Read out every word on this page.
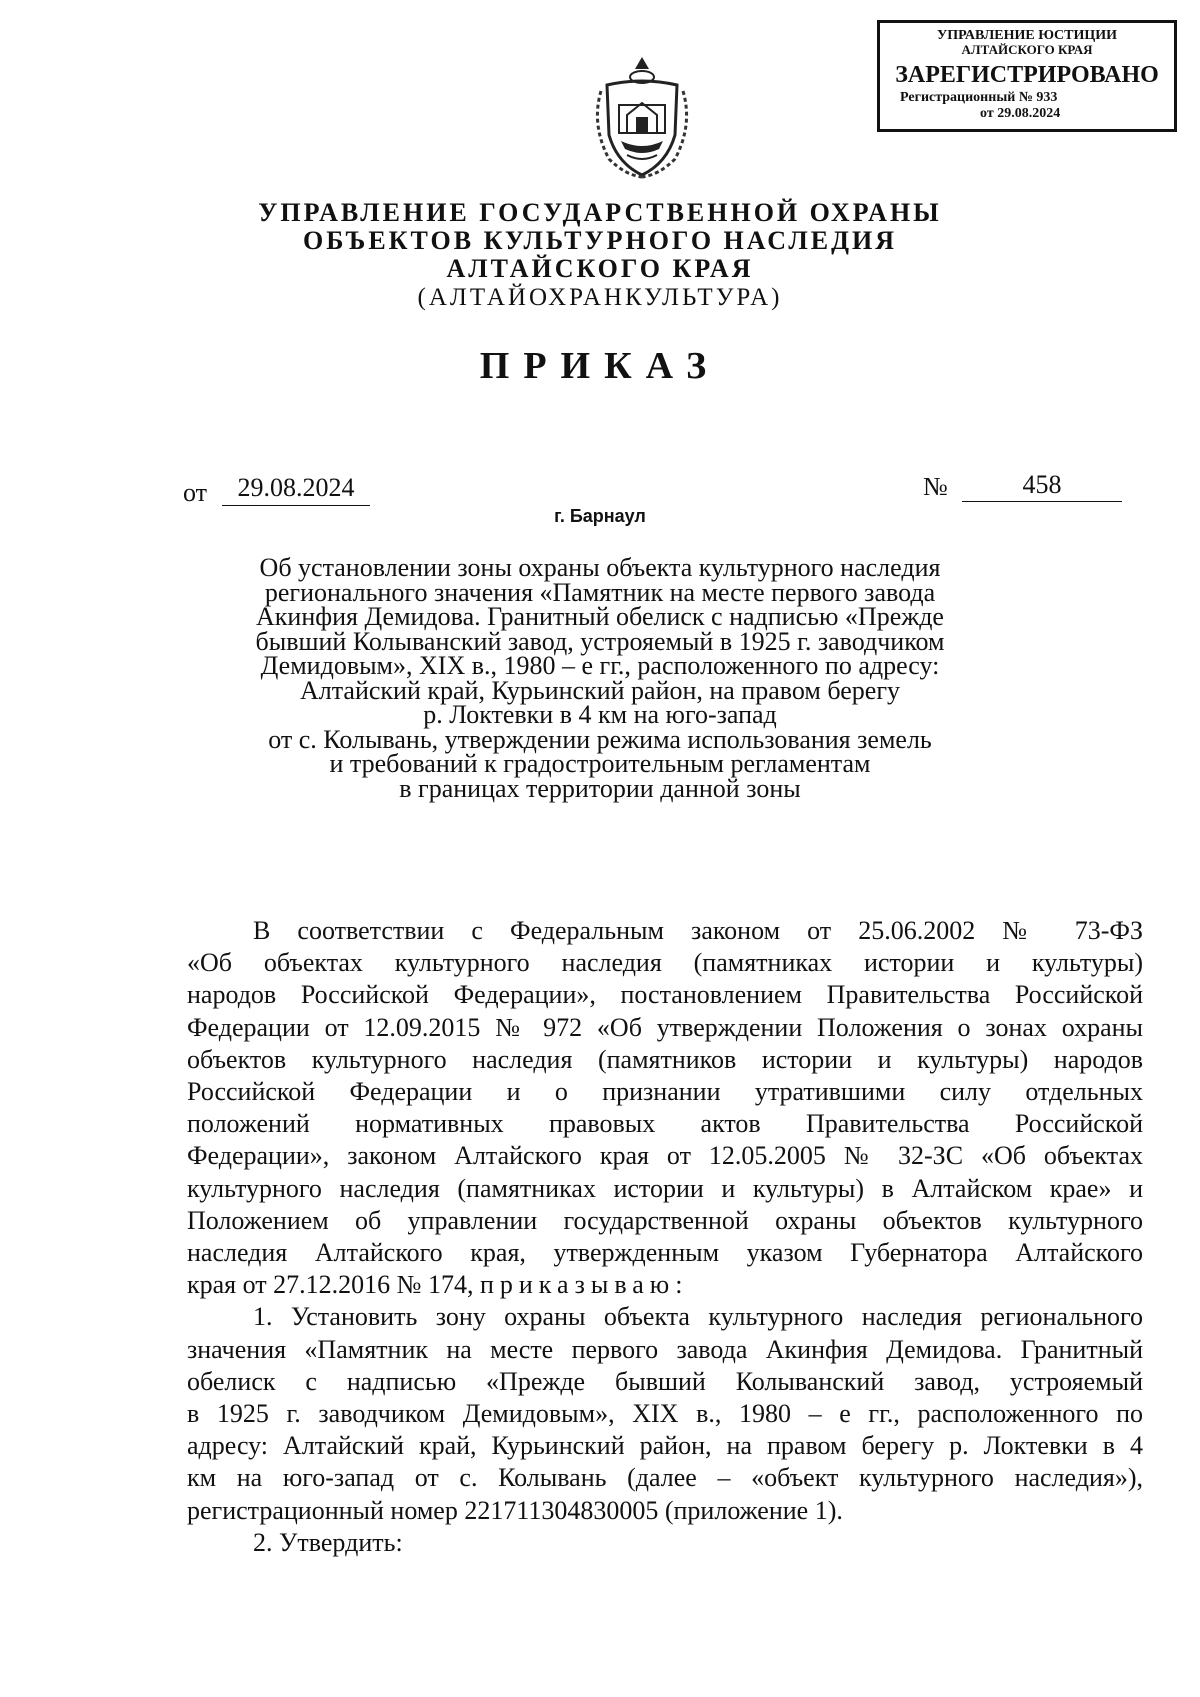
УПРАВЛЕНИЕ ЮСТИЦИИ
АЛТАЙСКОГО КРАЯ
ЗАРЕГИСТРИРОВАНО
Регистрационный № 933
от 29.08.2024
УПРАВЛЕНИЕ ГОСУДАРСТВЕННОЙ ОХРАНЫ
ОБЪЕКТОВ КУЛЬТУРНОГО НАСЛЕДИЯ
АЛТАЙСКОГО КРАЯ
(АЛТАЙОХРАНКУЛЬТУРА)
ПРИКАЗ
от	29.08.2024	№	458
г. Барнаул
Об установлении зоны охраны объекта культурного наследия
регионального значения «Памятник на месте первого завода
Акинфия Демидова. Гранитный обелиск с надписью «Прежде
бывший Колыванский завод, устрояемый в 1925 г. заводчиком
Демидовым», XIX в., 1980 – е гг., расположенного по адресу:
Алтайский край, Курьинский район, на правом берегу
р. Локтевки в 4 км на юго-запад
от с. Колывань, утверждении режима использования земель
и требований к градостроительным регламентам
в границах территории данной зоны
В соответствии с Федеральным законом от 25.06.2002 № 73-ФЗ
«Об объектах культурного наследия (памятниках истории и культуры)
народов Российской Федерации», постановлением Правительства Российской
Федерации от 12.09.2015 № 972 «Об утверждении Положения о зонах охраны
объектов культурного наследия (памятников истории и культуры) народов
Российской Федерации и о признании утратившими силу отдельных
положений нормативных правовых актов Правительства Российской
Федерации», законом Алтайского края от 12.05.2005 № 32-ЗС «Об объектах
культурного наследия (памятниках истории и культуры) в Алтайском крае» и
Положением об управлении государственной охраны объектов культурного
наследия Алтайского края, утвержденным указом Губернатора Алтайского
края от 27.12.2016 № 174, приказываю:
1. Установить зону охраны объекта культурного наследия регионального
значения «Памятник на месте первого завода Акинфия Демидова. Гранитный
обелиск с надписью «Прежде бывший Колыванский завод, устрояемый
в 1925 г. заводчиком Демидовым», XIX в., 1980 – е гг., расположенного по
адресу: Алтайский край, Курьинский район, на правом берегу р. Локтевки в 4
км на юго-запад от с. Колывань (далее – «объект культурного наследия»),
регистрационный номер 221711304830005 (приложение 1).
2. Утвердить:
